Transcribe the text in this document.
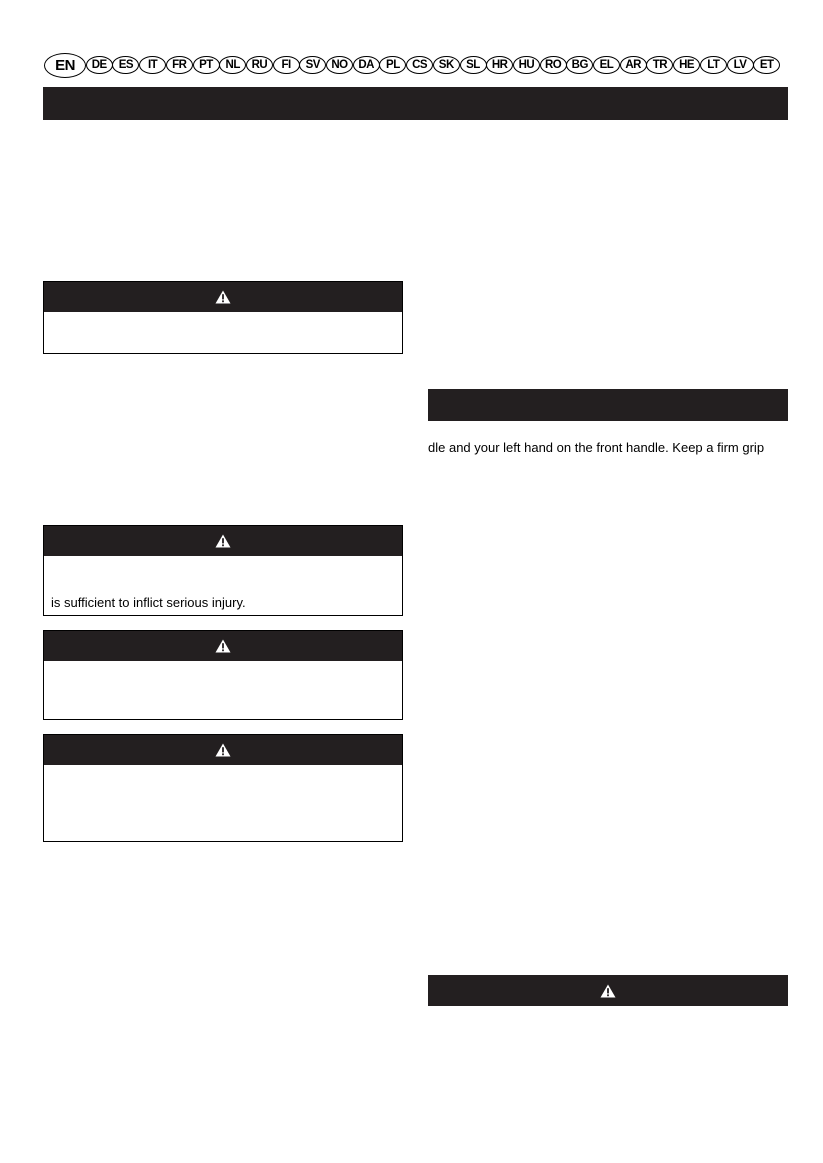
EN	DE	ES	IT	FR	PT	NL	RU	FI	SV NO DA	PL	CS	SK	SL	HR HU RO BG	EL	AR	TR	HE	LT	LV	ET
is sufficient to inflict serious injury.
dle and your left hand on the front handle. Keep a firm grip
